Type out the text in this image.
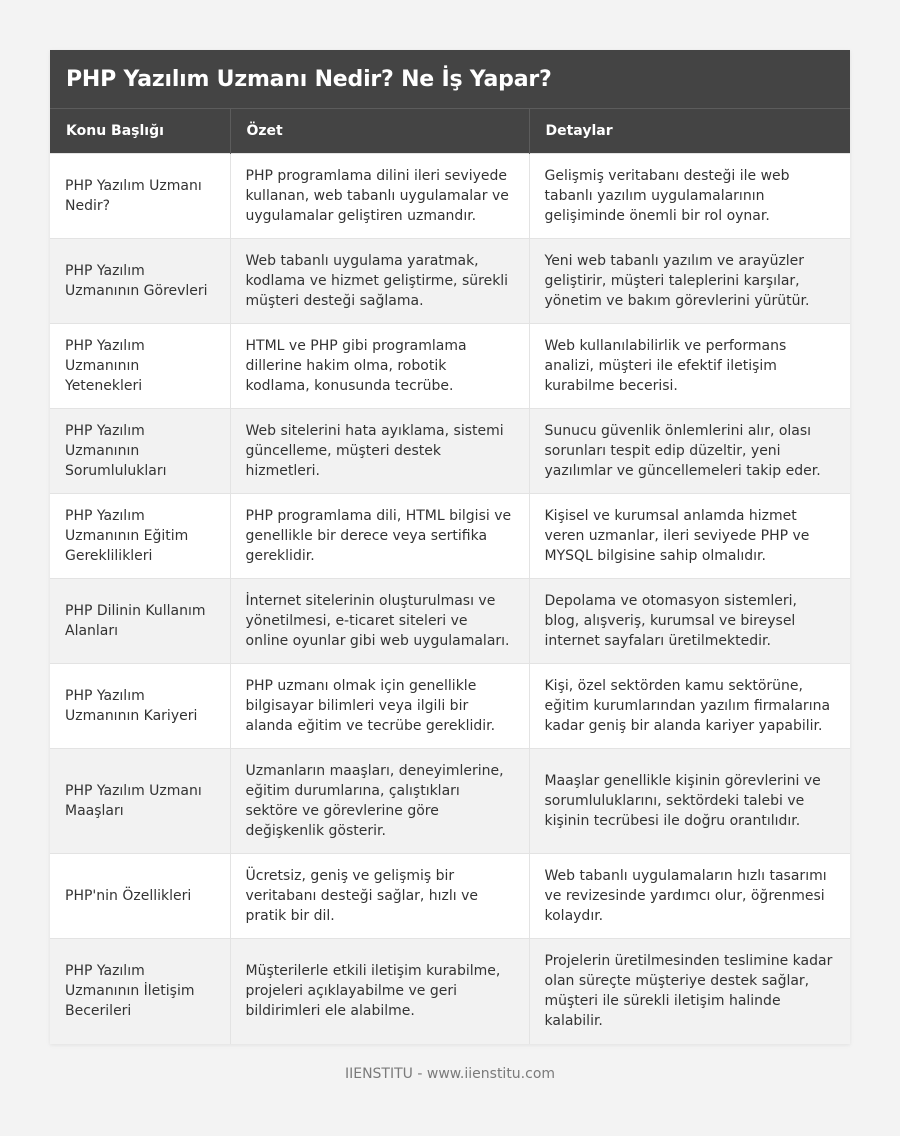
PHP Yazılım Uzmanı Nedir? Ne İş Yapar?
Konu Başlığı	Özet	Detaylar
PHP Yazılım Uzmanı Nedir?	PHP programlama dilini ileri seviyede kullanan, web tabanlı uygulamalar ve uygulamalar geliştiren uzmandır.	Gelişmiş veritabanı desteği ile web tabanlı yazılım uygulamalarının gelişiminde önemli bir rol oynar.
PHP Yazılım Uzmanının Görevleri	Web tabanlı uygulama yaratmak, kodlama ve hizmet geliştirme, sürekli müşteri desteği sağlama.	Yeni web tabanlı yazılım ve arayüzler geliştirir, müşteri taleplerini karşılar, yönetim ve bakım görevlerini yürütür.
PHP Yazılım Uzmanının Yetenekleri	HTML ve PHP gibi programlama dillerine hakim olma, robotik kodlama, konusunda tecrübe.	Web kullanılabilirlik ve performans analizi, müşteri ile efektif iletişim kurabilme becerisi.
PHP Yazılım Uzmanının Sorumlulukları	Web sitelerini hata ayıklama, sistemi güncelleme, müşteri destek hizmetleri.	Sunucu güvenlik önlemlerini alır, olası sorunları tespit edip düzeltir, yeni yazılımlar ve güncellemeleri takip eder.
PHP Yazılım Uzmanının Eğitim Gereklilikleri	PHP programlama dili, HTML bilgisi ve genellikle bir derece veya sertifika gereklidir.	Kişisel ve kurumsal anlamda hizmet veren uzmanlar, ileri seviyede PHP ve MYSQL bilgisine sahip olmalıdır.
PHP Dilinin Kullanım Alanları	İnternet sitelerinin oluşturulması ve yönetilmesi, e-ticaret siteleri ve online oyunlar gibi web uygulamaları.	Depolama ve otomasyon sistemleri, blog, alışveriş, kurumsal ve bireysel internet sayfaları üretilmektedir.
PHP Yazılım Uzmanının Kariyeri	PHP uzmanı olmak için genellikle bilgisayar bilimleri veya ilgili bir alanda eğitim ve tecrübe gereklidir.	Kişi, özel sektörden kamu sektörüne, eğitim kurumlarından yazılım firmalarına kadar geniş bir alanda kariyer yapabilir.
PHP Yazılım Uzmanı Maaşları	Uzmanların maaşları, deneyimlerine, eğitim durumlarına, çalıştıkları sektöre ve görevlerine göre değişkenlik gösterir.	Maaşlar genellikle kişinin görevlerini ve sorumluluklarını, sektördeki talebi ve kişinin tecrübesi ile doğru orantılıdır.
PHP'nin Özellikleri	Ücretsiz, geniş ve gelişmiş bir veritabanı desteği sağlar, hızlı ve pratik bir dil.	Web tabanlı uygulamaların hızlı tasarımı ve revizesinde yardımcı olur, öğrenmesi kolaydır.
PHP Yazılım Uzmanının İletişim Becerileri	Müşterilerle etkili iletişim kurabilme, projeleri açıklayabilme ve geri bildirimleri ele alabilme.	Projelerin üretilmesinden teslimine kadar olan süreçte müşteriye destek sağlar, müşteri ile sürekli iletişim halinde kalabilir.
IIENSTITU - www.iienstitu.com
